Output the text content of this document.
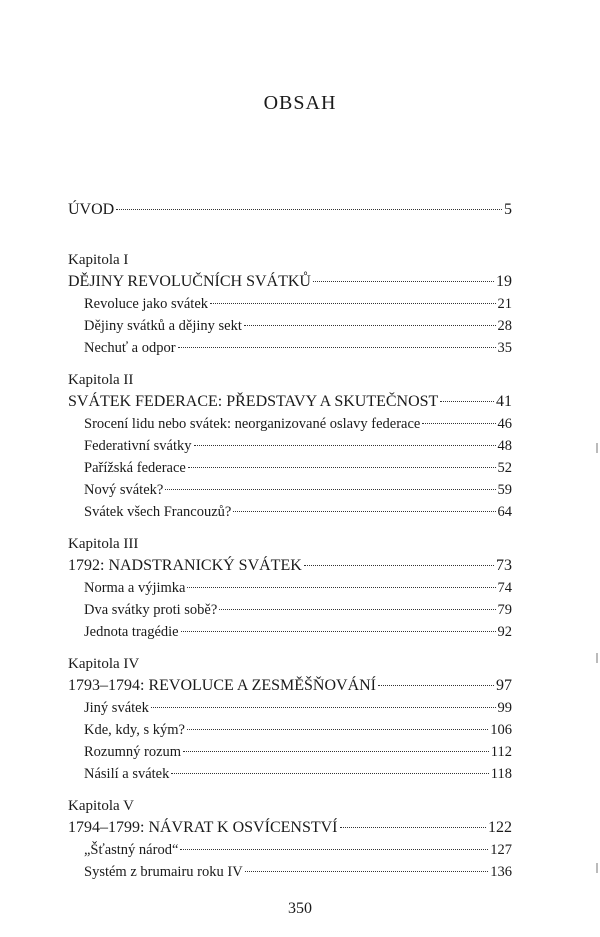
OBSAH
ÚVOD	5
Kapitola I
DĚJINY REVOLUČNÍCH SVÁTKŮ	19
Revoluce jako svátek	21
Dějiny svátků a dějiny sekt	28
Nechuť a odpor	35
Kapitola II
SVÁTEK FEDERACE: PŘEDSTAVY A SKUTEČNOST	41
Srocení lidu nebo svátek: neorganizované oslavy federace	46
Federativní svátky	48
Pařížská federace	52
Nový svátek?	59
Svátek všech Francouzů?	64
Kapitola III
1792: NADSTRANICKÝ SVÁTEK	73
Norma a výjimka	74
Dva svátky proti sobě?	79
Jednota tragédie	92
Kapitola IV
1793–1794: REVOLUCE A ZESMĚŠŇOVÁNÍ	97
Jiný svátek	99
Kde, kdy, s kým?	106
Rozumný rozum	112
Násilí a svátek	118
Kapitola V
1794–1799: NÁVRAT K OSVÍCENSTVÍ	122
„Šťastný národ“	127
Systém z brumairu roku IV	136
350
